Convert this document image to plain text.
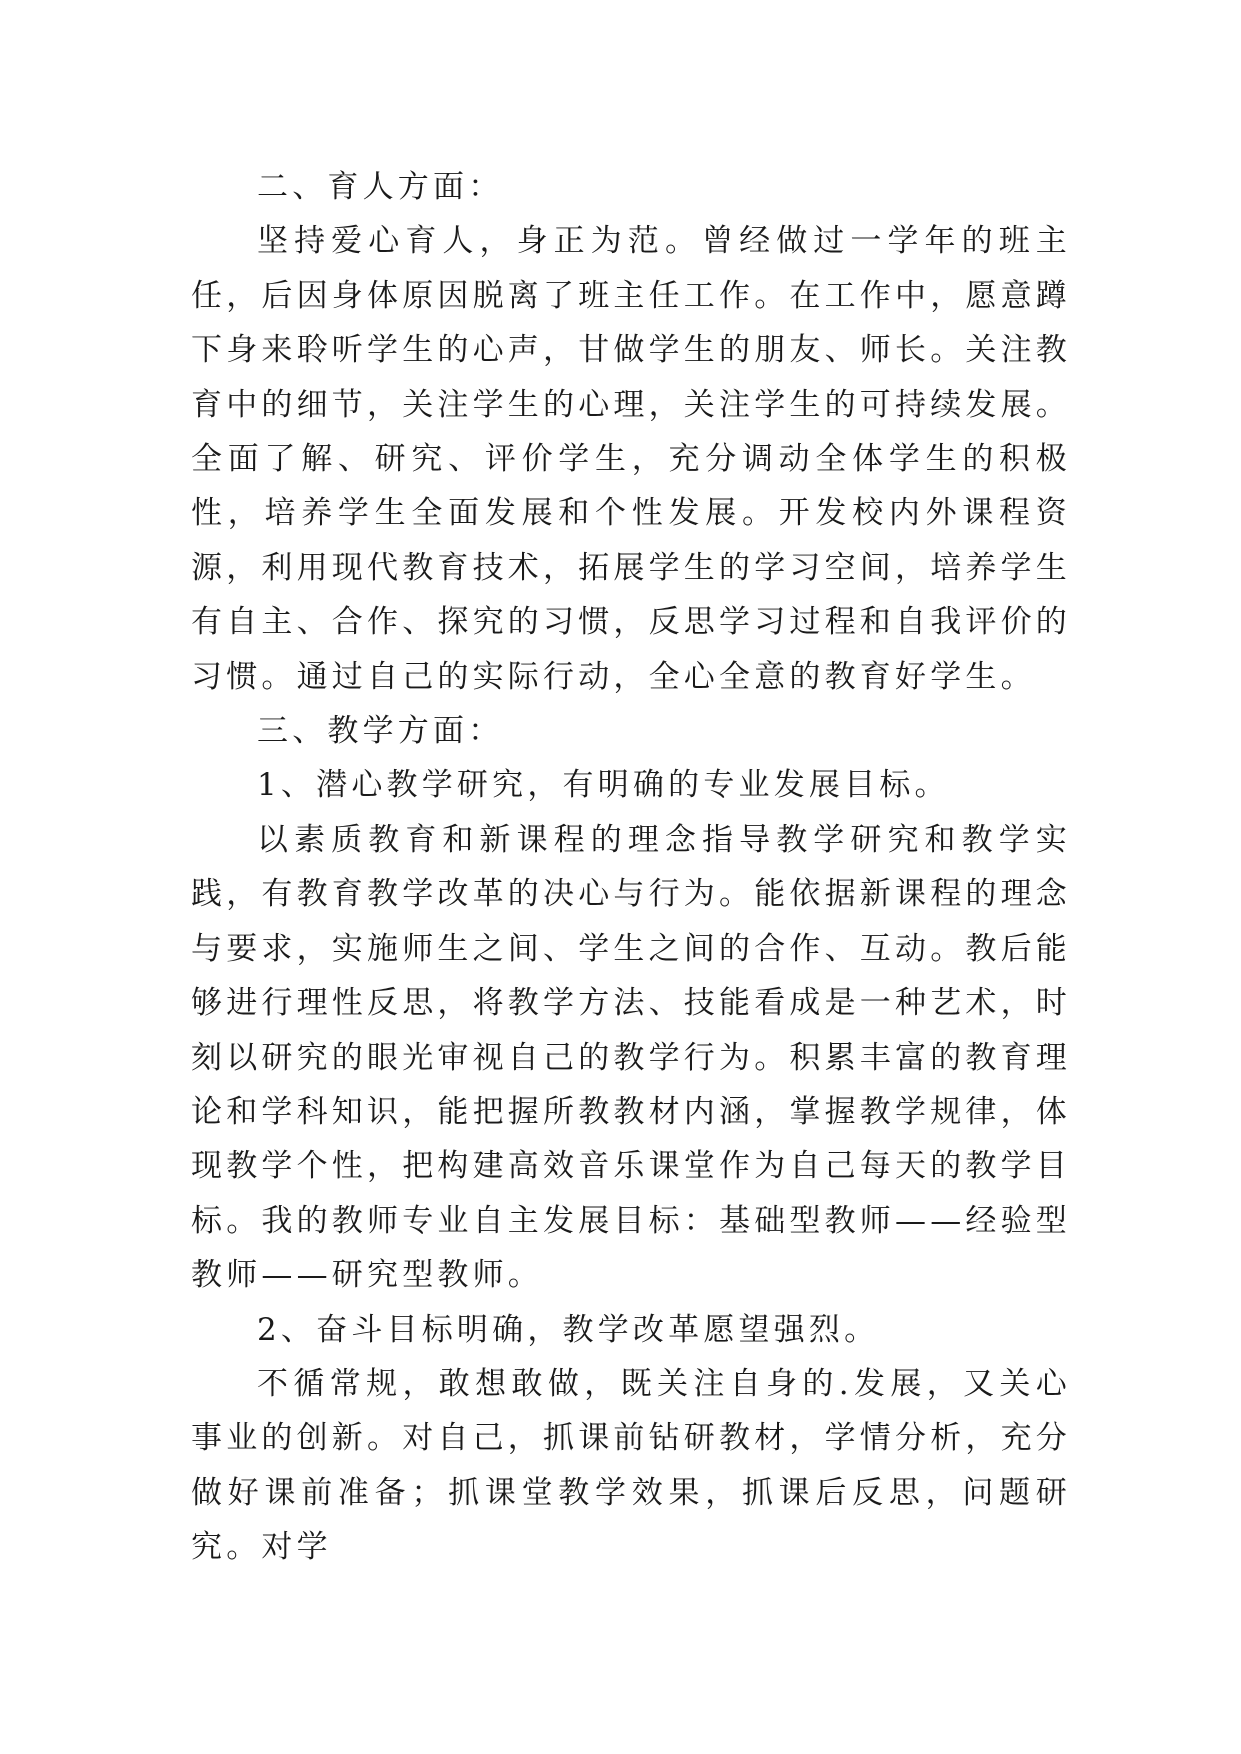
二、育人方面：

坚持爱心育人，身正为范。曾经做过一学年的班主任，后因身体原因脱离了班主任工作。在工作中，愿意蹲下身来聆听学生的心声，甘做学生的朋友、师长。关注教育中的细节，关注学生的心理，关注学生的可持续发展。全面了解、研究、评价学生，充分调动全体学生的积极性，培养学生全面发展和个性发展。开发校内外课程资源，利用现代教育技术，拓展学生的学习空间，培养学生有自主、合作、探究的习惯，反思学习过程和自我评价的习惯。通过自己的实际行动，全心全意的教育好学生。

三、教学方面：

1、潜心教学研究，有明确的专业发展目标。

以素质教育和新课程的理念指导教学研究和教学实践，有教育教学改革的决心与行为。能依据新课程的理念与要求，实施师生之间、学生之间的合作、互动。教后能够进行理性反思，将教学方法、技能看成是一种艺术，时刻以研究的眼光审视自己的教学行为。积累丰富的教育理论和学科知识，能把握所教教材内涵，掌握教学规律，体现教学个性，把构建高效音乐课堂作为自己每天的教学目标。我的教师专业自主发展目标：基础型教师——经验型教师——研究型教师。

2、奋斗目标明确，教学改革愿望强烈。

不循常规，敢想敢做，既关注自身的.发展，又关心事业的创新。对自己，抓课前钻研教材，学情分析，充分做好课前准备；抓课堂教学效果，抓课后反思，问题研究。对学
